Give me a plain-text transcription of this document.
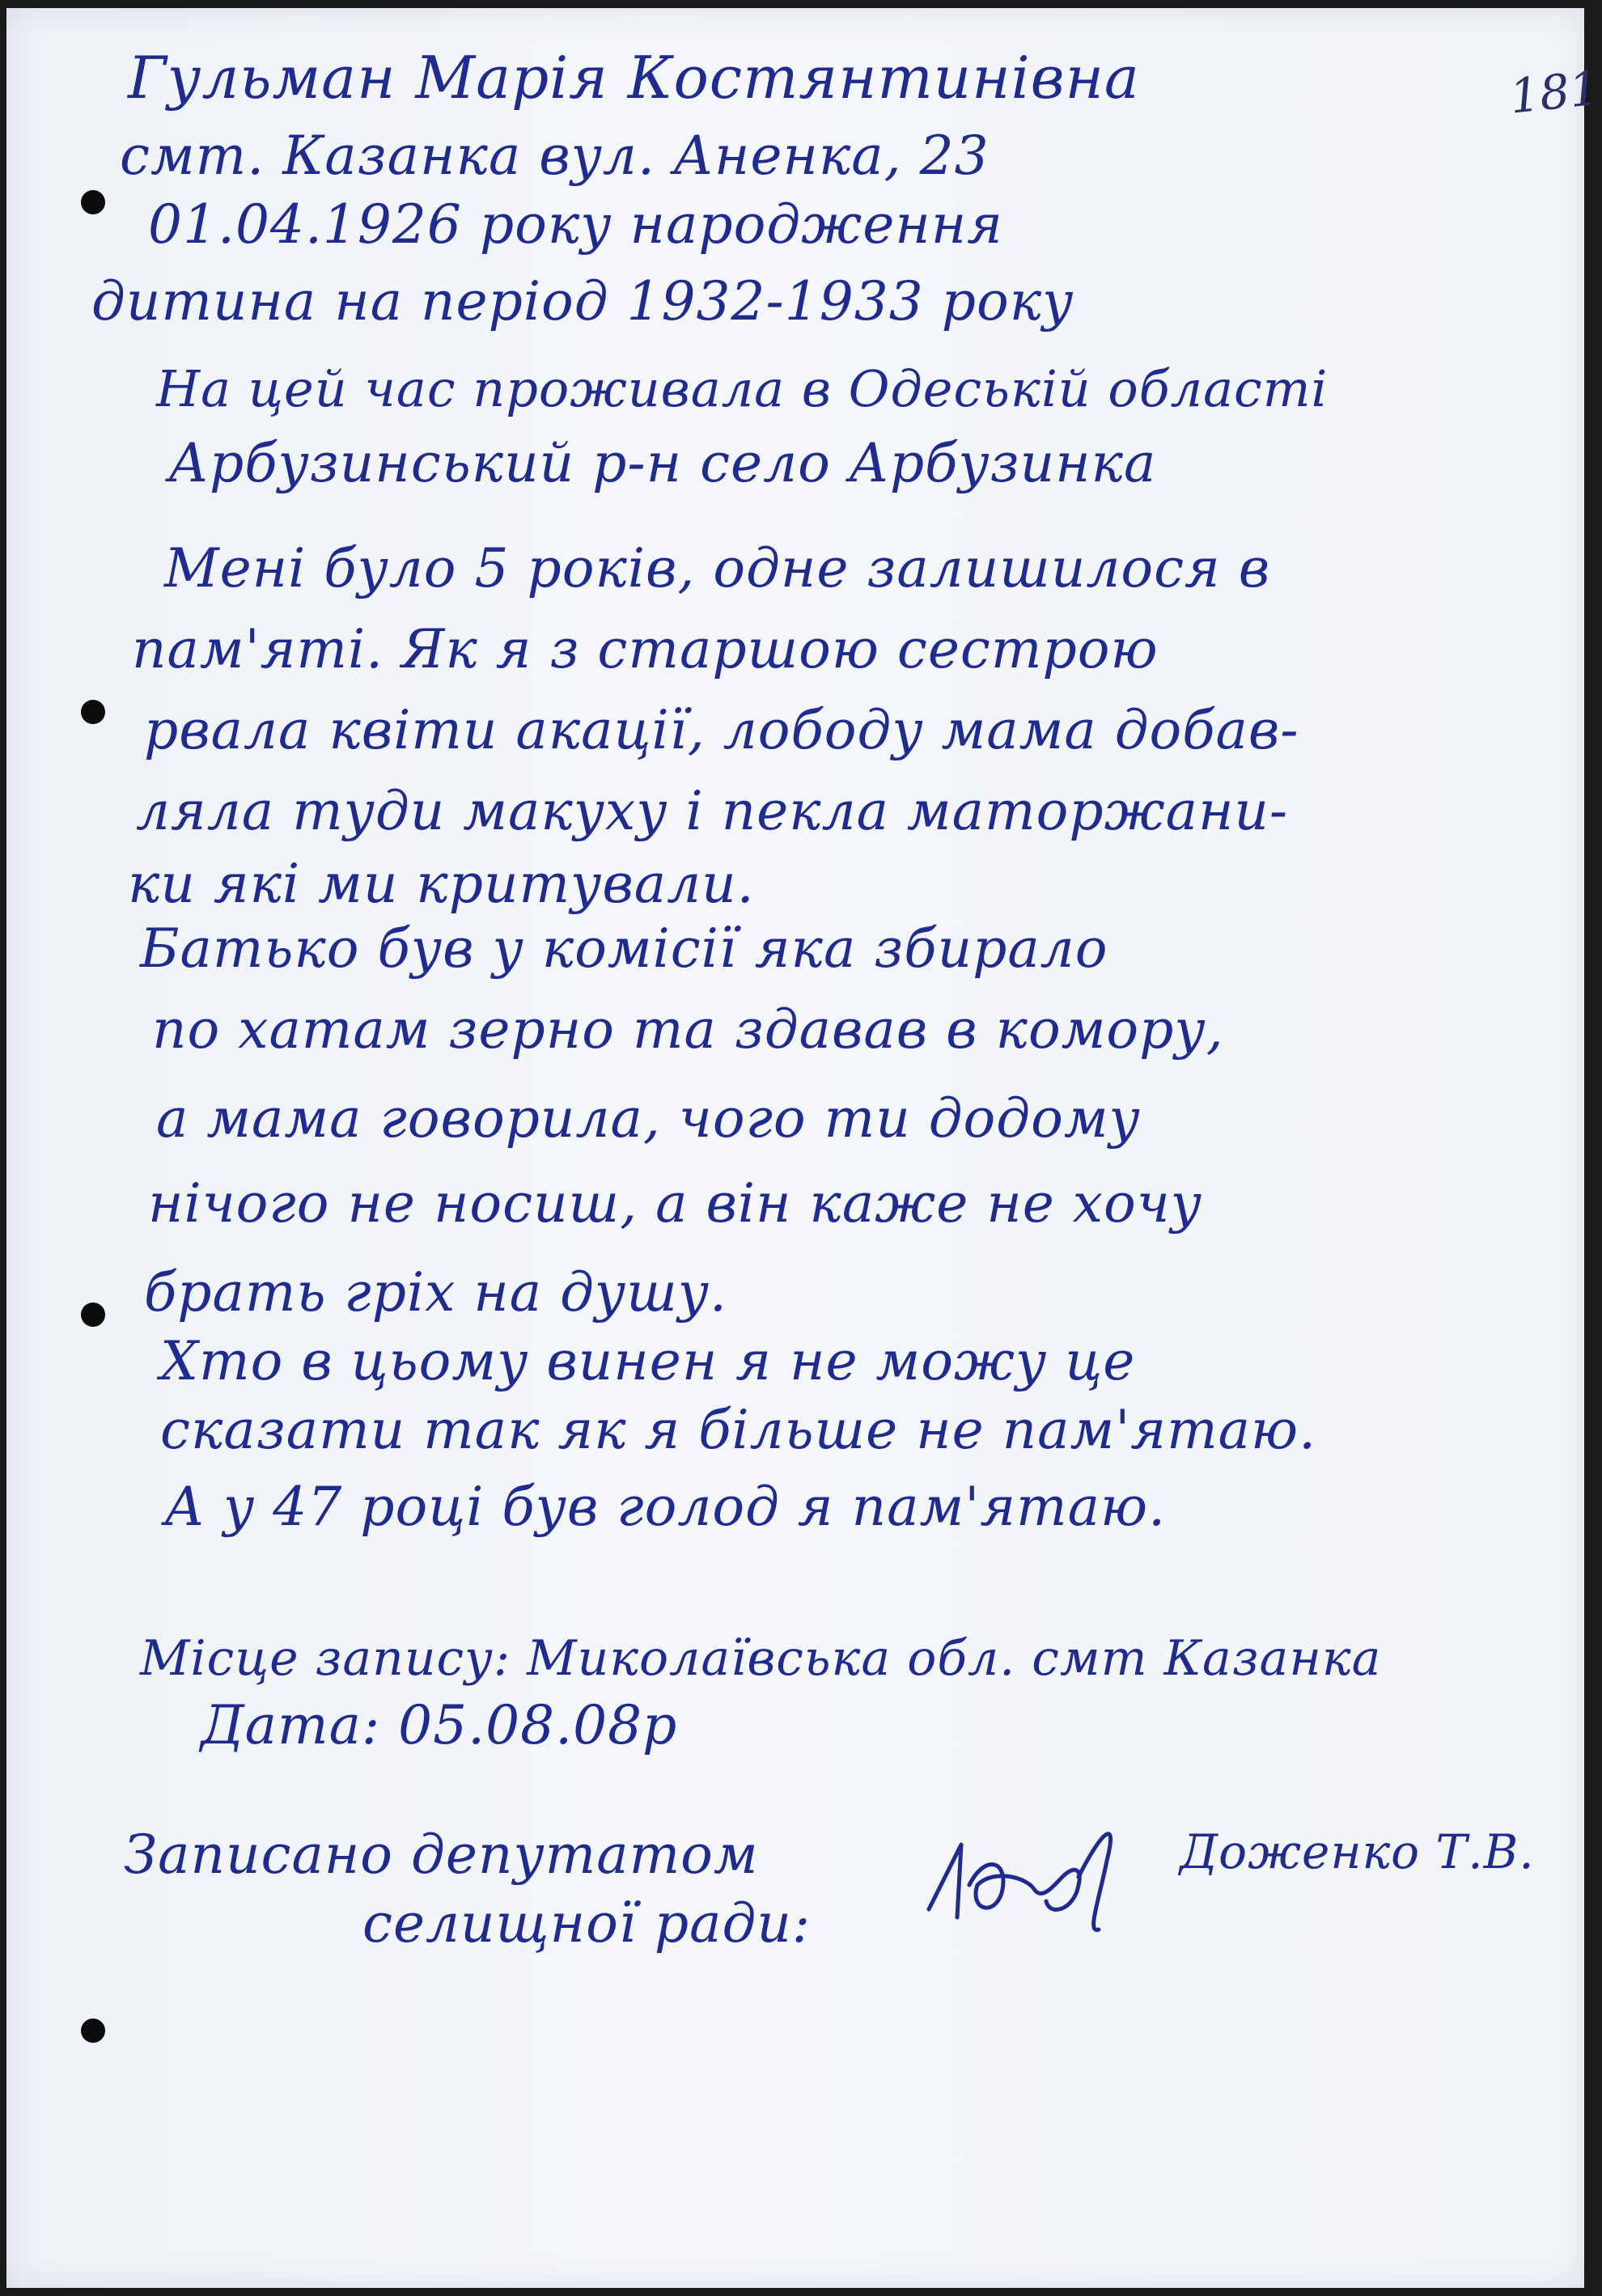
181
Гульман Марія Костянтинівна
смт. Казанка вул. Аненка, 23
01.04.1926 року народження
дитина на період 1932-1933 року
На цей час проживала в Одеській області
Арбузинський р-н село Арбузинка
Мені було 5 років, одне залишилося в
пам'яті. Як я з старшою сестрою
рвала квіти акації, лободу мама добав-
ляла туди макуху і пекла маторжани-
ки які ми критували.
Батько був у комісії яка збирало
по хатам зерно та здавав в комору,
а мама говорила, чого ти додому
нічого не носиш, а він каже не хочу
брать гріх на душу.
Хто в цьому винен я не можу це
сказати так як я більше не пам'ятаю.
А у 47 році був голод я пам'ятаю.
Місце запису: Миколаївська обл. смт Казанка
Дата: 05.08.08р
Записано депутатом
селищної ради:
Доженко Т.В.
